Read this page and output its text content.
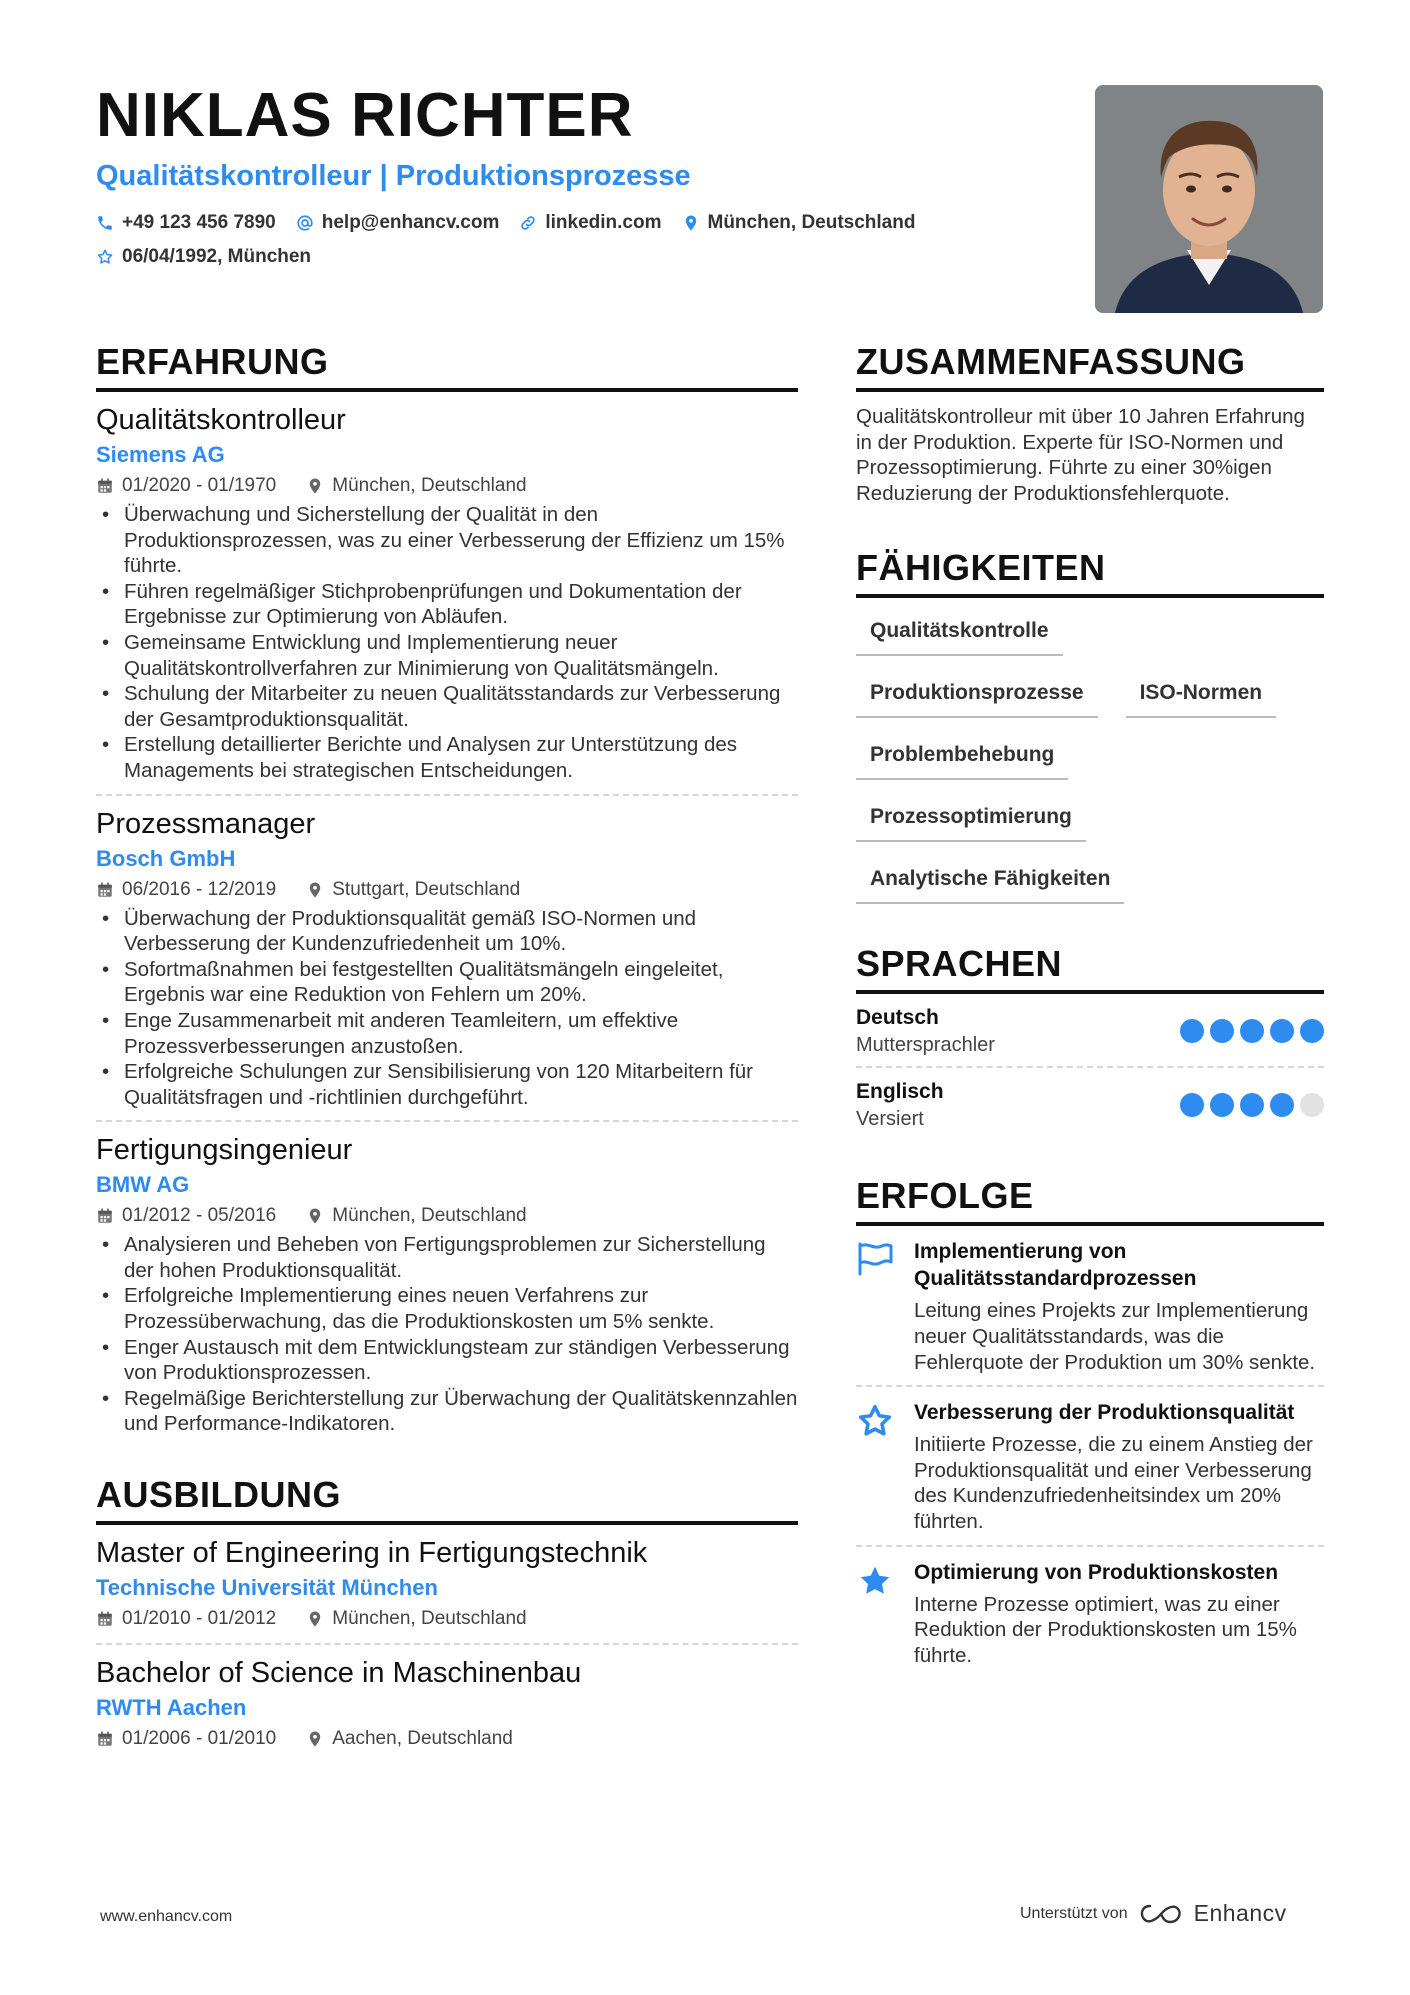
NIKLAS RICHTER
Qualitätskontrolleur | Produktionsprozesse
+49 123 456 7890 help@enhancv.com linkedin.com München, Deutschland
06/04/1992, München
ERFAHRUNG
Qualitätskontrolleur
Siemens AG
01/2020 - 01/1970	München, Deutschland
• Überwachung und Sicherstellung der Qualität in den Produktionsprozessen, was zu einer Verbesserung der Effizienz um 15% führte.
• Führen regelmäßiger Stichprobenprüfungen und Dokumentation der Ergebnisse zur Optimierung von Abläufen.
• Gemeinsame Entwicklung und Implementierung neuer Qualitätskontrollverfahren zur Minimierung von Qualitätsmängeln.
• Schulung der Mitarbeiter zu neuen Qualitätsstandards zur Verbesserung der Gesamtproduktionsqualität.
• Erstellung detaillierter Berichte und Analysen zur Unterstützung des Managements bei strategischen Entscheidungen.
Prozessmanager
Bosch GmbH
06/2016 - 12/2019	Stuttgart, Deutschland
• Überwachung der Produktionsqualität gemäß ISO-Normen und Verbesserung der Kundenzufriedenheit um 10%.
• Sofortmaßnahmen bei festgestellten Qualitätsmängeln eingeleitet, Ergebnis war eine Reduktion von Fehlern um 20%.
• Enge Zusammenarbeit mit anderen Teamleitern, um effektive Prozessverbesserungen anzustoßen.
• Erfolgreiche Schulungen zur Sensibilisierung von 120 Mitarbeitern für Qualitätsfragen und -richtlinien durchgeführt.
Fertigungsingenieur
BMW AG
01/2012 - 05/2016	München, Deutschland
• Analysieren und Beheben von Fertigungsproblemen zur Sicherstellung der hohen Produktionsqualität.
• Erfolgreiche Implementierung eines neuen Verfahrens zur Prozessüberwachung, das die Produktionskosten um 5% senkte.
• Enger Austausch mit dem Entwicklungsteam zur ständigen Verbesserung von Produktionsprozessen.
• Regelmäßige Berichterstellung zur Überwachung der Qualitätskennzahlen und Performance-Indikatoren.
AUSBILDUNG
Master of Engineering in Fertigungstechnik
Technische Universität München
01/2010 - 01/2012	München, Deutschland
Bachelor of Science in Maschinenbau
RWTH Aachen
01/2006 - 01/2010	Aachen, Deutschland
ZUSAMMENFASSUNG
Qualitätskontrolleur mit über 10 Jahren Erfahrung in der Produktion. Experte für ISO-Normen und Prozessoptimierung. Führte zu einer 30%igen Reduzierung der Produktionsfehlerquote.
FÄHIGKEITEN
Qualitätskontrolle
Produktionsprozesse	ISO-Normen
Problembehebung
Prozessoptimierung
Analytische Fähigkeiten
SPRACHEN
Deutsch
Muttersprachler
Englisch
Versiert
ERFOLGE
Implementierung von Qualitätsstandardprozessen
Leitung eines Projekts zur Implementierung neuer Qualitätsstandards, was die Fehlerquote der Produktion um 30% senkte.
Verbesserung der Produktionsqualität
Initiierte Prozesse, die zu einem Anstieg der Produktionsqualität und einer Verbesserung des Kundenzufriedenheitsindex um 20% führten.
Optimierung von Produktionskosten
Interne Prozesse optimiert, was zu einer Reduktion der Produktionskosten um 15% führte.
www.enhancv.com	Unterstützt von	Enhancv
